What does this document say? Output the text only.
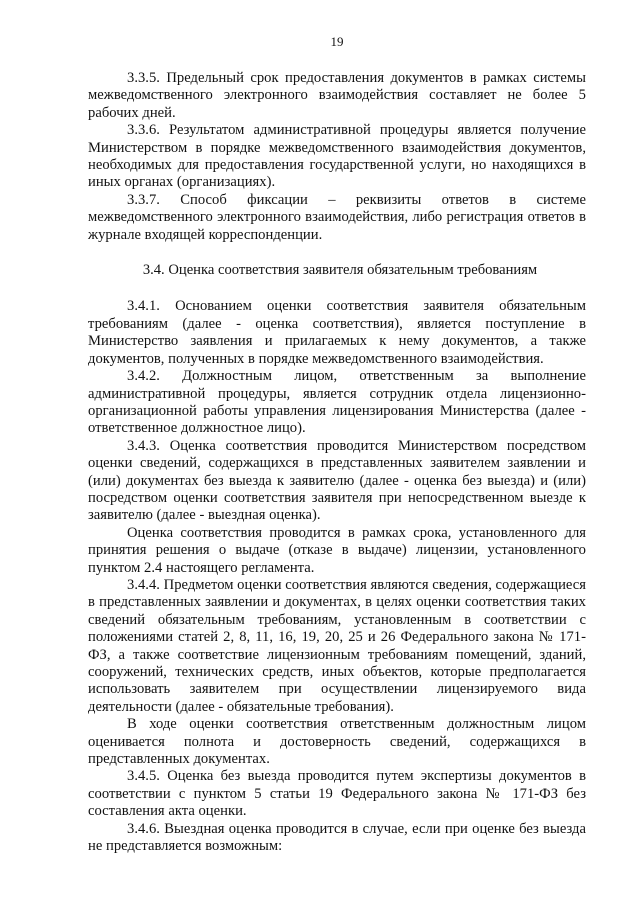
19

3.3.5. Предельный срок предоставления документов в рамках системы межведомственного электронного взаимодействия составляет не более 5 рабочих дней.

3.3.6. Результатом административной процедуры является получение Министерством в порядке межведомственного взаимодействия документов, необходимых для предоставления государственной услуги, но находящихся в иных органах (организациях).

3.3.7. Способ фиксации – реквизиты ответов в системе межведомственного электронного взаимодействия, либо регистрация ответов в журнале входящей корреспонденции.

3.4. Оценка соответствия заявителя обязательным требованиям

3.4.1. Основанием оценки соответствия заявителя обязательным требованиям (далее - оценка соответствия), является поступление в Министерство заявления и прилагаемых к нему документов, а также документов, полученных в порядке межведомственного взаимодействия.

3.4.2. Должностным лицом, ответственным за выполнение административной процедуры, является сотрудник отдела лицензионно-организационной работы управления лицензирования Министерства (далее - ответственное должностное лицо).

3.4.3. Оценка соответствия проводится Министерством посредством оценки сведений, содержащихся в представленных заявителем заявлении и (или) документах без выезда к заявителю (далее - оценка без выезда) и (или) посредством оценки соответствия заявителя при непосредственном выезде к заявителю (далее - выездная оценка).

Оценка соответствия проводится в рамках срока, установленного для принятия решения о выдаче (отказе в выдаче) лицензии, установленного пунктом 2.4 настоящего регламента.

3.4.4. Предметом оценки соответствия являются сведения, содержащиеся в представленных заявлении и документах, в целях оценки соответствия таких сведений обязательным требованиям, установленным в соответствии с положениями статей 2, 8, 11, 16, 19, 20, 25 и 26 Федерального закона № 171-ФЗ, а также соответствие лицензионным требованиям помещений, зданий, сооружений, технических средств, иных объектов, которые предполагается использовать заявителем при осуществлении лицензируемого вида деятельности (далее - обязательные требования).

В ходе оценки соответствия ответственным должностным лицом оценивается полнота и достоверность сведений, содержащихся в представленных документах.

3.4.5. Оценка без выезда проводится путем экспертизы документов в соответствии с пунктом 5 статьи 19 Федерального закона № 171-ФЗ без составления акта оценки.

3.4.6. Выездная оценка проводится в случае, если при оценке без выезда не представляется возможным:
